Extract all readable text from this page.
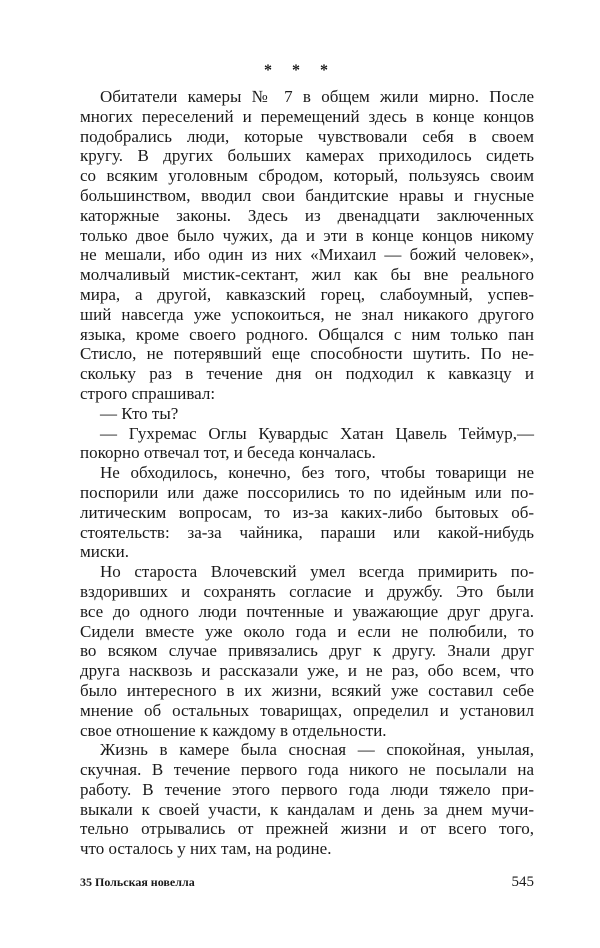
* * *
Обитатели камеры № 7 в общем жили мирно. После
многих переселений и перемещений здесь в конце концов
подобрались люди, которые чувствовали себя в своем
кругу. В других больших камерах приходилось сидеть
со всяким уголовным сбродом, который, пользуясь своим
большинством, вводил свои бандитские нравы и гнусные
каторжные законы. Здесь из двенадцати заключенных
только двое было чужих, да и эти в конце концов никому
не мешали, ибо один из них «Михаил — божий человек»,
молчаливый мистик-сектант, жил как бы вне реального
мира, а другой, кавказский горец, слабоумный, успев-
ший навсегда уже успокоиться, не знал никакого другого
языка, кроме своего родного. Общался с ним только пан
Стисло, не потерявший еще способности шутить. По не-
скольку раз в течение дня он подходил к кавказцу и
строго спрашивал:
— Кто ты?
— Гухремас Оглы Кувардыс Хатан Цавель Теймур,—
покорно отвечал тот, и беседа кончалась.
Не обходилось, конечно, без того, чтобы товарищи не
поспорили или даже поссорились то по идейным или по-
литическим вопросам, то из-за каких-либо бытовых об-
стоятельств: за-за чайника, параши или какой-нибудь
миски.
Но староста Влочевский умел всегда примирить по-
вздоривших и сохранять согласие и дружбу. Это были
все до одного люди почтенные и уважающие друг друга.
Сидели вместе уже около года и если не полюбили, то
во всяком случае привязались друг к другу. Знали друг
друга насквозь и рассказали уже, и не раз, обо всем, что
было интересного в их жизни, всякий уже составил себе
мнение об остальных товарищах, определил и установил
свое отношение к каждому в отдельности.
Жизнь в камере была сносная — спокойная, унылая,
скучная. В течение первого года никого не посылали на
работу. В течение этого первого года люди тяжело при-
выкали к своей участи, к кандалам и день за днем мучи-
тельно отрывались от прежней жизни и от всего того,
что осталось у них там, на родине.
35 Польская новелла	545
